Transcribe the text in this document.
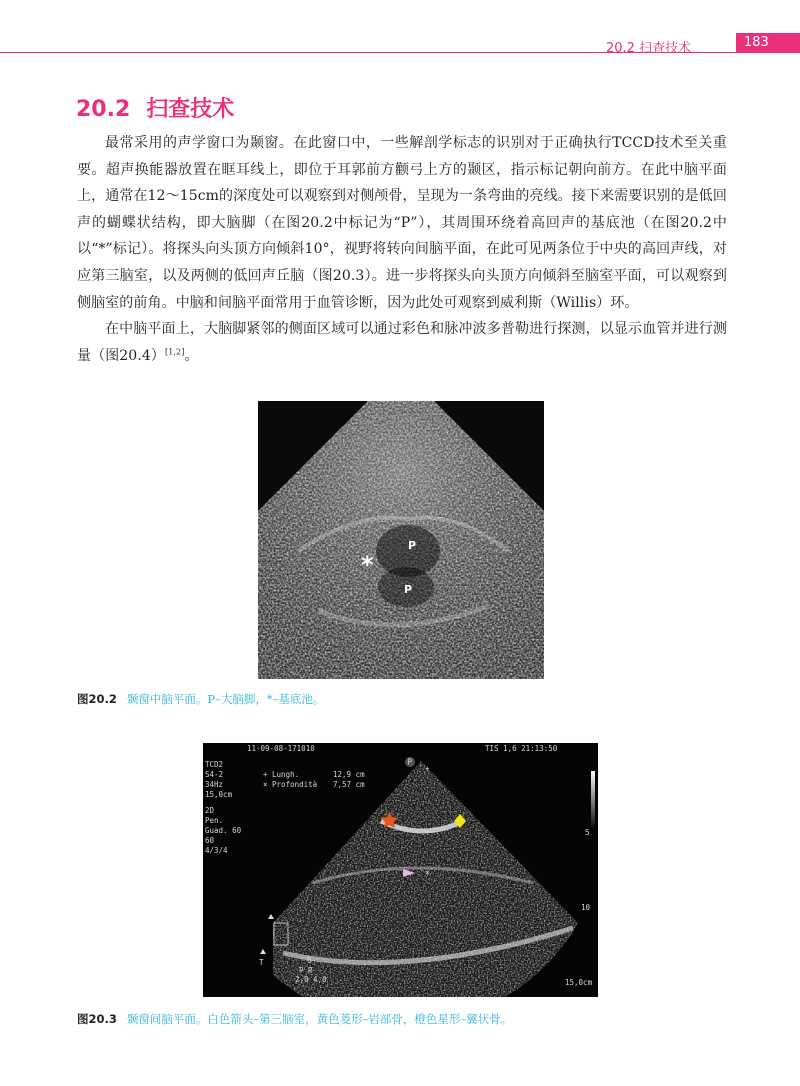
20.2 扫查技术	183
20.2 扫查技术

最常采用的声学窗口为颞窗。在此窗口中，一些解剖学标志的识别对于正确执行TCCD技术至关重要。超声换能器放置在眶耳线上，即位于耳郭前方颧弓上方的颞区，指示标记朝向前方。在此中脑平面上，通常在12～15cm的深度处可以观察到对侧颅骨，呈现为一条弯曲的亮线。接下来需要识别的是低回声的蝴蝶状结构，即大脑脚（在图20.2中标记为“P”），其周围环绕着高回声的基底池（在图20.2中以“*”标记）。将探头向头顶方向倾斜10°，视野将转向间脑平面，在此可见两条位于中央的高回声线，对应第三脑室，以及两侧的低回声丘脑（图20.3）。进一步将探头向头顶方向倾斜至脑室平面，可以观察到侧脑室的前角。中脑和间脑平面常用于血管诊断，因为此处可观察到威利斯（Willis）环。

在中脑平面上，大脑脚紧邻的侧面区域可以通过彩色和脉冲波多普勒进行探测，以显示血管并进行测量（图20.4）[1,2]。

*
P
P
图20.2 颞窗中脑平面。P–大脑脚，*–基底池。
11-09-08-171010	TIS 1,6 21:13:50
TCD2
S4-2
34Hz
15,0cm
2D
Pen.
Guad. 60
60
4/3/4
+ Lungh.	12,9 cm
× Profondità 7,57 cm
P
5
10
15,0cm
×
+
T	6
P R
2,0 4,0
图20.3 颞窗间脑平面。白色箭头–第三脑室，黄色菱形–岩部骨，橙色星形–翼状骨。
